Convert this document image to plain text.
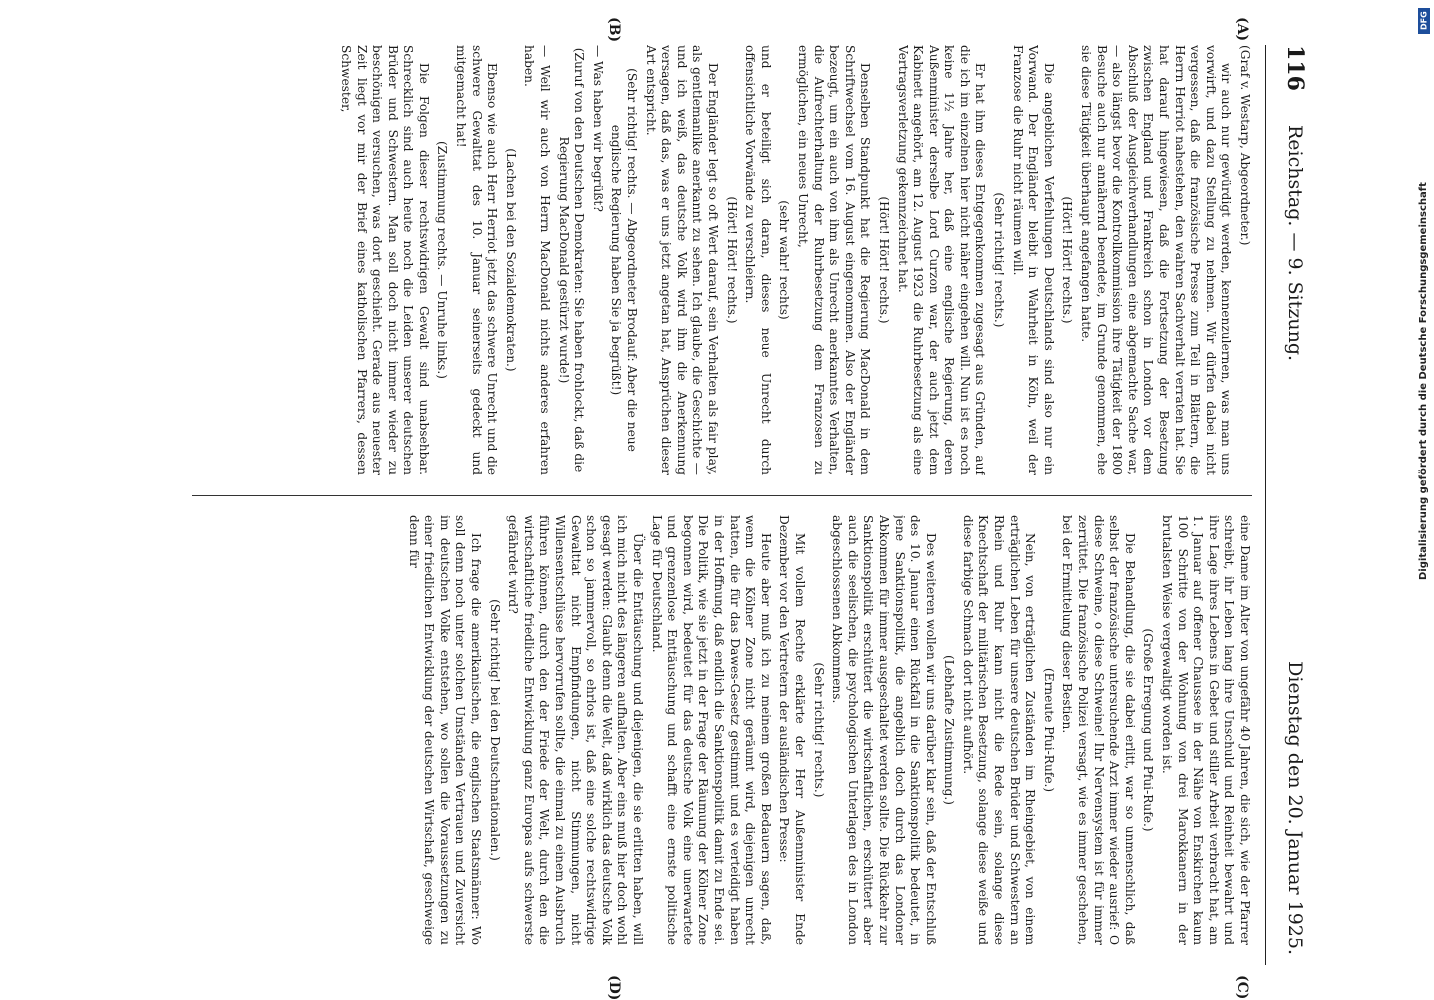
116
Reichstag. — 9. Sitzung.
Dienstag den 20. Januar 1925.
(A)
(B)
(C)
(D)

(Graf v. Westarp, Abgeordneter.)

wir auch nur gewürdigt werden, kennenzulernen, was man uns vorwirft, und dazu Stellung zu nehmen. Wir dürfen dabei nicht vergessen, daß die französische Presse zum Teil in Blättern, die Herrn Herriot nahestehen, den wahren Sachverhalt verraten hat. Sie hat darauf hingewiesen, daß die Fortsetzung der Besetzung zwischen England und Frankreich schon in London vor dem Abschluß der Ausgleichverhandlungen eine abgemachte Sache war, — also längst bevor die Kontrollkommission ihre Tätigkeit der 1800 Besuche auch nur annähernd beendete, im Grunde genommen, ehe sie diese Tätigkeit überhaupt angefangen hatte.

(Hört! Hört! rechts.)

Die angeblichen Verfehlungen Deutschlands sind also nur ein Vorwand. Der Engländer bleibt in Wahrheit in Köln, weil der Franzose die Ruhr nicht räumen will.

(Sehr richtig! rechts.)

Er hat ihm dieses Entgegenkommen zugesagt aus Gründen, auf die ich im einzelnen hier nicht näher eingehen will. Nun ist es noch keine 1½ Jahre her, daß eine englische Regierung, deren Außenminister derselbe Lord Curzon war, der auch jetzt dem Kabinett angehört, am 12. August 1923 die Ruhrbesetzung als eine Vertragsverletzung gekennzeichnet hat.

(Hört! Hört! rechts.)

Denselben Standpunkt hat die Regierung MacDonald in dem Schriftwechsel vom 16. August eingenommen. Also der Engländer bezeugt, um ein auch von ihm als Unrecht anerkanntes Verhalten, die Aufrechterhaltung der Ruhrbesetzung dem Franzosen zu ermöglichen, ein neues Unrecht,

(sehr wahr! rechts)

und er beteiligt sich daran, dieses neue Unrecht durch offensichtliche Vorwände zu verschleiern.

(Hört! Hört! rechts.)

Der Engländer legt so oft Wert darauf, sein Verhalten als fair play, als gentlemanlike anerkannt zu sehen. Ich glaube, die Geschichte — und ich weiß, das deutsche Volk wird ihm die Anerkennung versagen, daß das, was er uns jetzt angetan hat, Ansprüchen dieser Art entspricht.

(Sehr richtig! rechts. — Abgeordneter Brodauf: Aber die neue englische Regierung haben Sie ja begrüßt!)

— Was haben wir begrüßt?

(Zuruf von den Deutschen Demokraten: Sie haben frohlockt, daß die Regierung MacDonald gestürzt wurde!)

— Weil wir auch von Herrn MacDonald nichts anderes erfahren haben.

(Lachen bei den Sozialdemokraten.)

Ebenso wie auch Herr Herriot jetzt das schwere Unrecht und die schwere Gewalttat des 10. Januar seinerseits gedeckt und mitgemacht hat!

(Zustimmung rechts. — Unruhe links.)

Die Folgen dieser rechtswidrigen Gewalt sind unabsehbar. Schrecklich sind auch heute noch die Leiden unserer deutschen Brüder und Schwestern. Man soll doch nicht immer wieder zu beschönigen versuchen, was dort geschieht. Gerade aus neuester Zeit liegt vor mir der Brief eines katholischen Pfarrers, dessen Schwester,

eine Dame im Alter von ungefähr 40 Jahren, die sich, wie der Pfarrer schreibt, ihr Leben lang ihre Unschuld und Reinheit bewahrt und ihre Lage ihres Lebens in Gebet und stiller Arbeit verbracht hat, am 1. Januar auf offener Chaussee in der Nähe von Enskirchen kaum 100 Schritte von der Wohnung von drei Marokkanern in der brutalsten Weise vergewaltigt worden ist.

(Große Erregung und Pfui-Rufe.)

Die Behandlung, die sie dabei erlitt, war so unmenschlich, daß selbst der französische untersuchende Arzt immer wieder ausrief: O diese Schweine, o diese Schweine! Ihr Nervensystem ist für immer zerrüttet. Die französische Polizei versagt, wie es immer geschehen, bei der Ermittelung dieser Bestien.

(Erneute Pfui-Rufe.)

Nein, von erträglichen Zuständen im Rheingebiet, von einem erträglichen Leben für unsere deutschen Brüder und Schwestern an Rhein und Ruhr kann nicht die Rede sein, solange diese Knechtschaft der militärischen Besetzung, solange diese weiße und diese farbige Schmach dort nicht aufhört.

(Lebhafte Zustimmung.)

Des weiteren wollen wir uns darüber klar sein, daß der Entschluß des 10. Januar einen Rückfall in die Sanktionspolitik bedeutet, in jene Sanktionspolitik, die angeblich doch durch das Londoner Abkommen für immer ausgeschaltet werden sollte. Die Rückkehr zur Sanktionspolitik erschüttert die wirtschaftlichen, erschüttert aber auch die seelischen, die psychologischen Unterlagen des in London abgeschlossenen Abkommens.

(Sehr richtig! rechts.)

Mit vollem Rechte erklärte der Herr Außenminister Ende Dezember vor den Vertretern der ausländischen Presse:

Heute aber muß ich zu meinem großen Bedauern sagen, daß, wenn die Kölner Zone nicht geräumt wird, diejenigen unrecht hatten, die für das Dawes-Gesetz gestimmt und es verteidigt haben in der Hoffnung, daß endlich die Sanktionspolitik damit zu Ende sei. Die Politik, wie sie jetzt in der Frage der Räumung der Kölner Zone begonnen wird, bedeutet für das deutsche Volk eine unerwartete und grenzenlose Enttäuschung und schafft eine ernste politische Lage für Deutschland.

Über die Enttäuschung und diejenigen, die sie erlitten haben, will ich mich nicht des längeren aufhalten. Aber eins muß hier doch wohl gesagt werden: Glaubt denn die Welt, daß wirklich das deutsche Volk schon so jammervoll, so ehrlos ist, daß eine solche rechtswidrige Gewalttat nicht Empfindungen, nicht Stimmungen, nicht Willensentschlüsse hervorrufen sollte, die einmal zu einem Ausbruch führen können, durch den der Friede der Welt, durch den die wirtschaftliche friedliche Entwicklung ganz Europas aufs schwerste gefährdet wird?

(Sehr richtig! bei den Deutschnationalen.)

Ich frage die amerikanischen, die englischen Staatsmänner: Wo soll denn noch unter solchen Umständen Vertrauen und Zuversicht im deutschen Volke entstehen, wo sollen die Voraussetzungen zu einer friedlichen Entwicklung der deutschen Wirtschaft, geschweige denn für

DFG
Digitalisierung gefördert durch die Deutsche Forschungsgemeinschaft
